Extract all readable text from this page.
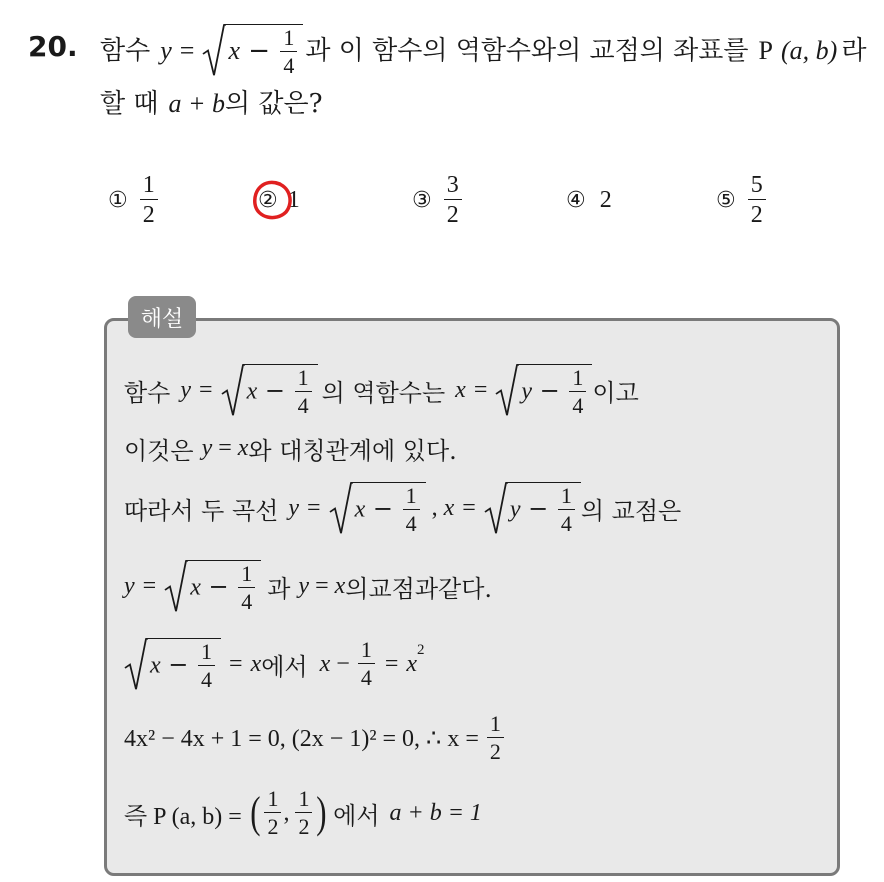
20. 함수 y =	$x - \frac{1}{4}$ 과 이 함수의 역함수와의 교점의 좌표를 P (a, b) 라
할 때 a + b 의 값은?
① $\frac{1}{2}$	② 1	③ $\frac{3}{2}$	④ 2	⑤ $\frac{5}{2}$
해설
함수 y =	$x - \frac{1}{4}$ 의 역함수는 x =	$y - \frac{1}{4}$ 이고
이것은 y = x 와 대칭관계에 있다.
따라서 두 곡선 y =	$x - \frac{1}{4}$ , x =	$y - \frac{1}{4}$ 의 교점은
y =	$x - \frac{1}{4}$ 과 y = x 의교점과같다.
$x - \frac{1}{4} = x$ 에서 $x - \frac{1}{4} = x$
$^2$
4x² − 4x + 1 = 0, (2x − 1)² = 0, ∴ $x = \frac{1}{2}$
즉 P (a, b) = ( $\frac{1}{2}$ , $\frac{1}{2}$ ) 에서 a + b = 1
